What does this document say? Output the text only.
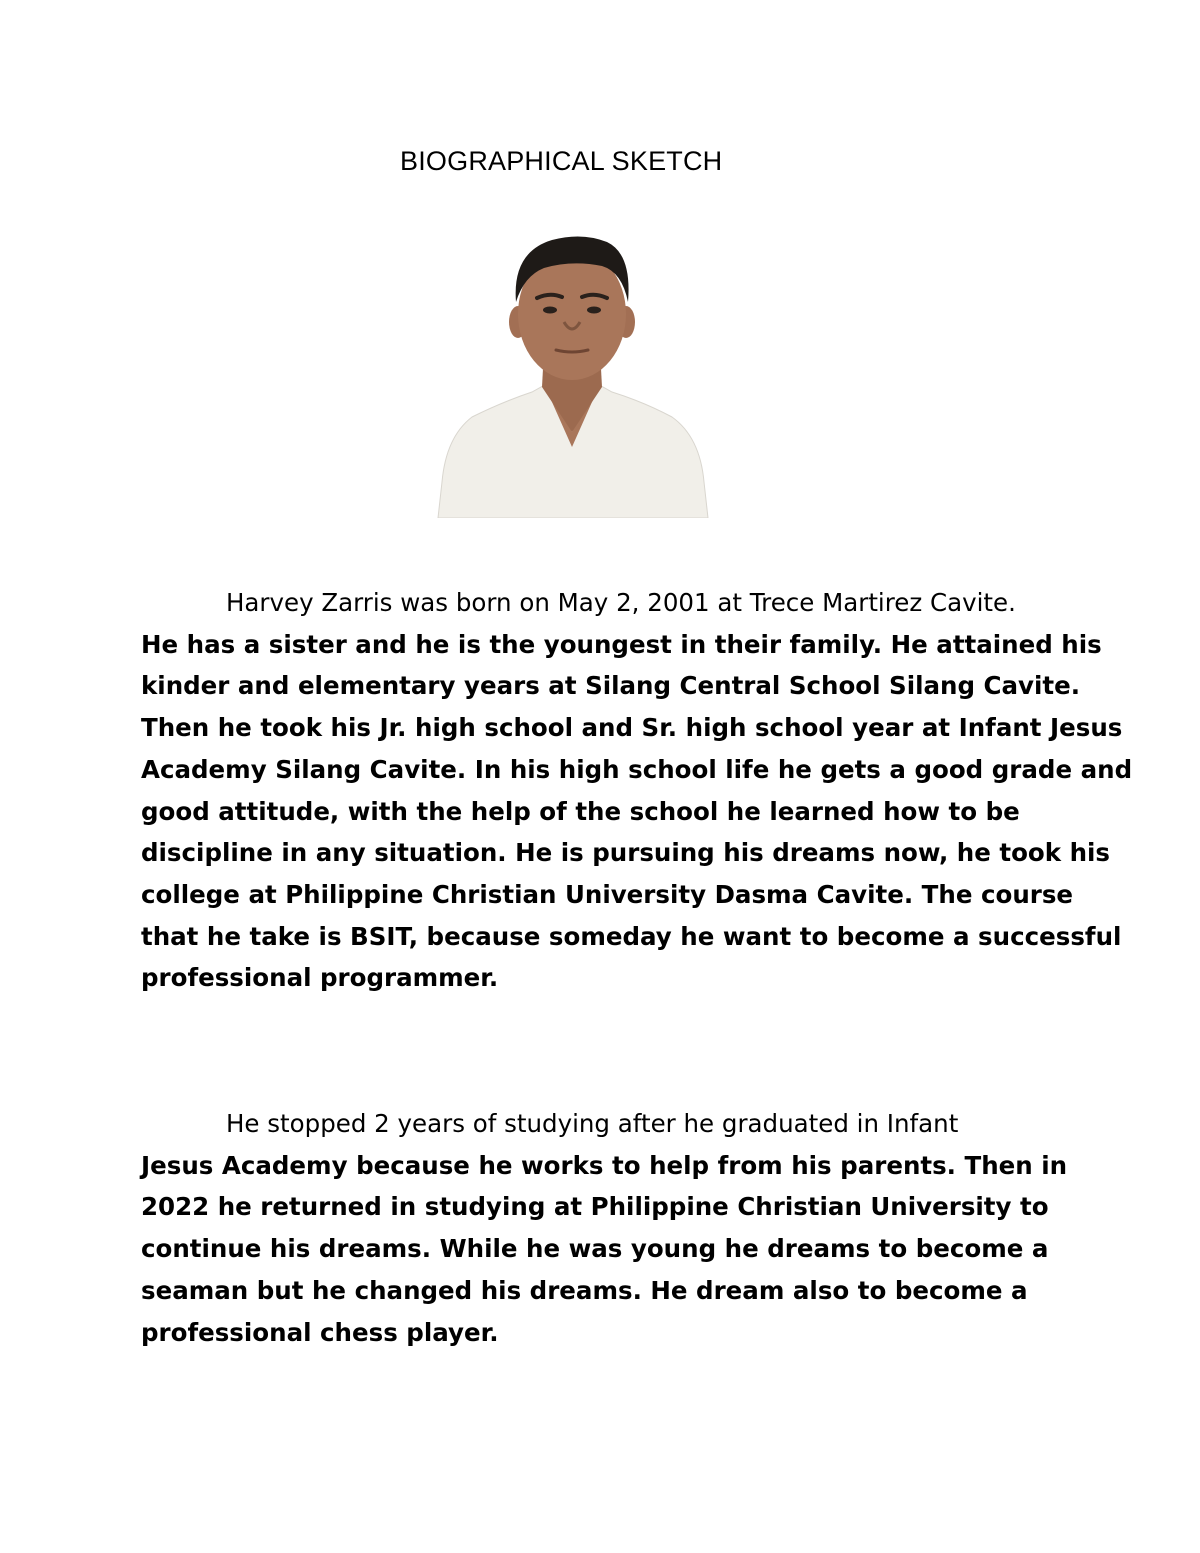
BIOGRAPHICAL SKETCH
Harvey Zarris was born on May 2, 2001 at Trece Martirez Cavite.
He has a sister and he is the youngest in their family. He attained his
kinder and elementary years at Silang Central School Silang Cavite.
Then he took his Jr. high school and Sr. high school year at Infant Jesus
Academy Silang Cavite. In his high school life he gets a good grade and
good attitude, with the help of the school he learned how to be
discipline in any situation. He is pursuing his dreams now, he took his
college at Philippine Christian University Dasma Cavite. The course
that he take is BSIT, because someday he want to become a successful
professional programmer.
He stopped 2 years of studying after he graduated in Infant
Jesus Academy because he works to help from his parents. Then in
2022 he returned in studying at Philippine Christian University to
continue his dreams. While he was young he dreams to become a
seaman but he changed his dreams. He dream also to become a
professional chess player.
